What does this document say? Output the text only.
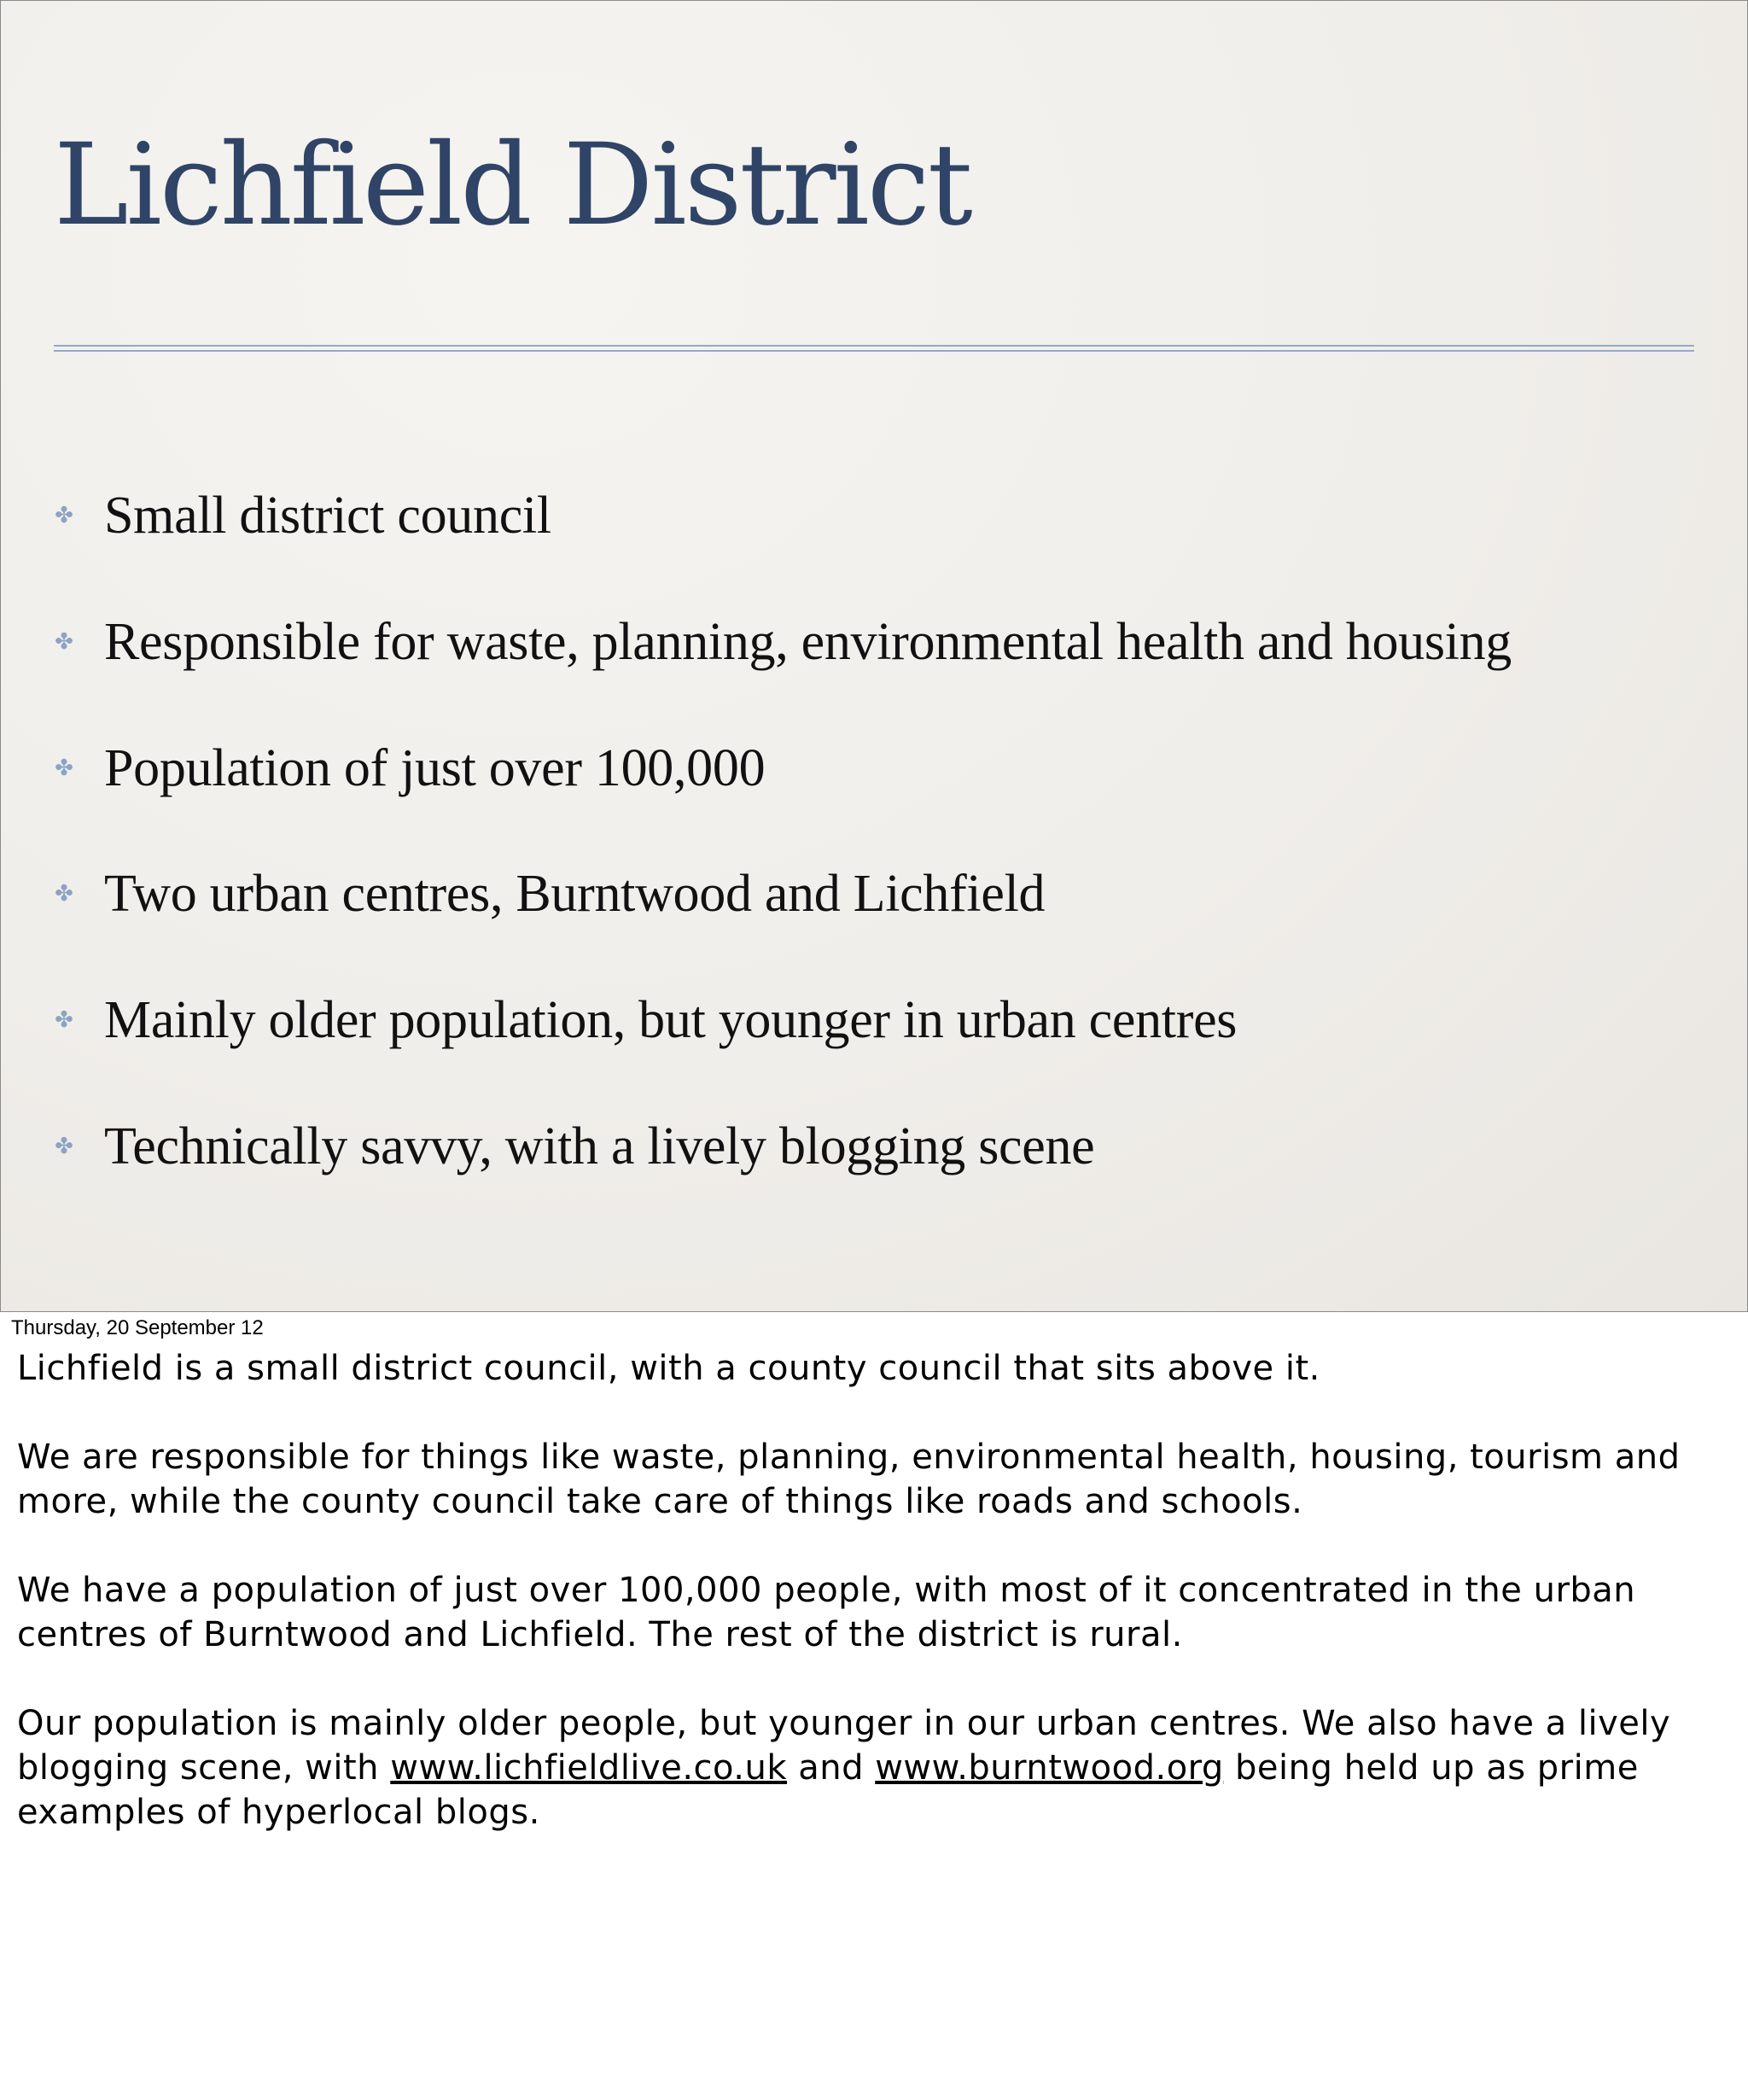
Lichfield District
✤ Small district council
✤ Responsible for waste, planning, environmental health and housing
✤ Population of just over 100,000
✤ Two urban centres, Burntwood and Lichfield
✤ Mainly older population, but younger in urban centres
✤ Technically savvy, with a lively blogging scene
Thursday, 20 September 12

Lichfield is a small district council, with a county council that sits above it.

We are responsible for things like waste, planning, environmental health, housing, tourism and more, while the county council take care of things like roads and schools.

We have a population of just over 100,000 people, with most of it concentrated in the urban centres of Burntwood and Lichfield. The rest of the district is rural.

Our population is mainly older people, but younger in our urban centres. We also have a lively blogging scene, with www.lichfieldlive.co.uk and www.burntwood.org being held up as prime examples of hyperlocal blogs.
